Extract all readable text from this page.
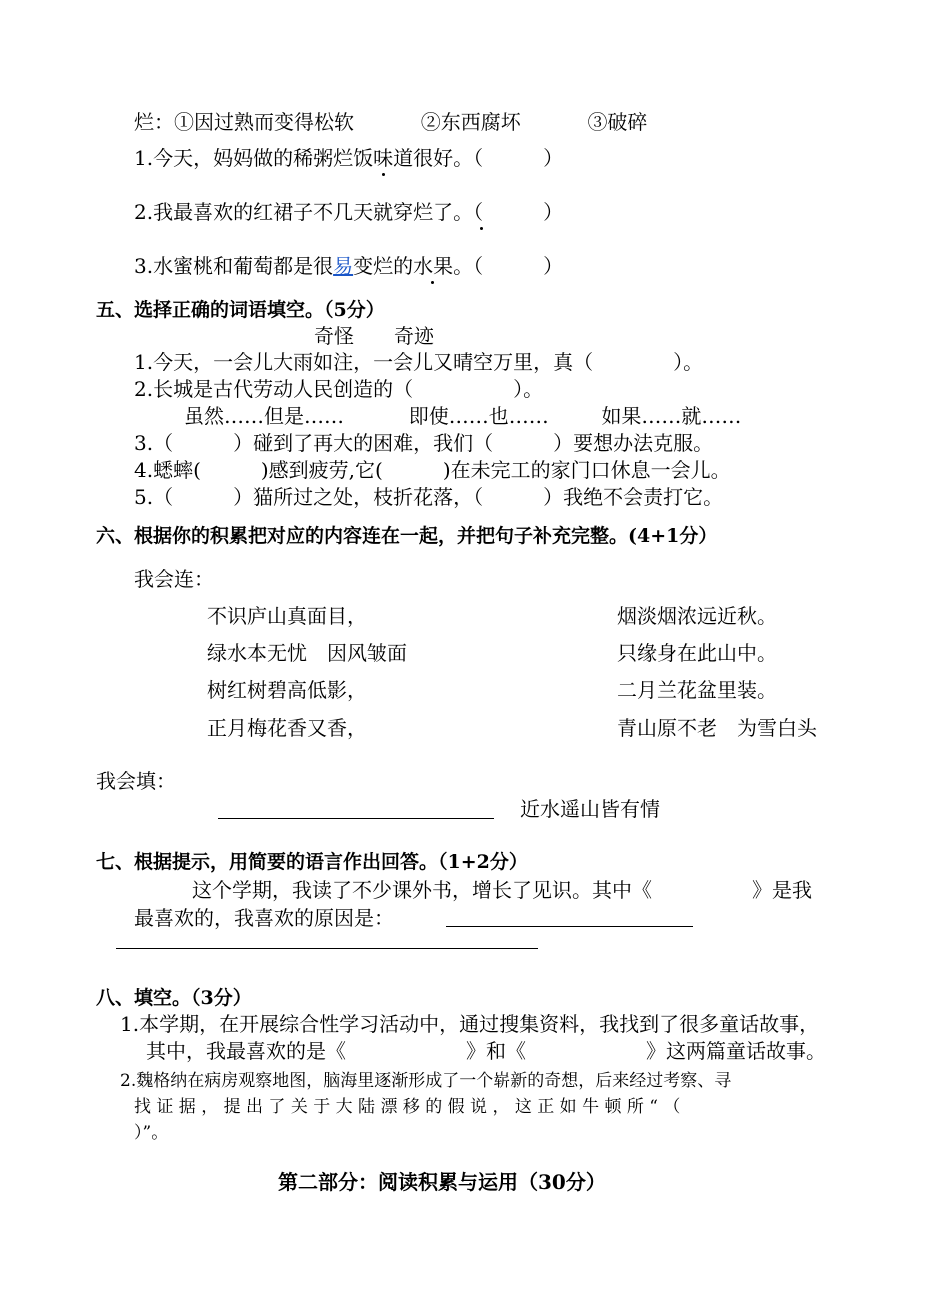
烂：①因过熟而变得松软	②东西腐坏	③破碎
1.今天，妈妈做的稀粥烂饭味道很好。（　　　）
2.我最喜欢的红裙子不几天就穿烂了。（　　　）
3.水蜜桃和葡萄都是很易变烂的水果。（　　　）
五、选择正确的词语填空。（5分）
奇怪　　奇迹
1.今天，一会儿大雨如注，一会儿又晴空万里，真（　　　　）。
2.长城是古代劳动人民创造的（　　　　　）。
虽然……但是……	即使……也……	如果……就……
3.（　　　）碰到了再大的困难，我们（　　　）要想办法克服。
4.蟋蟀(　　　)感到疲劳,它(　　　)在未完工的家门口休息一会儿。
5.（　　　）猫所过之处，枝折花落，（　　　）我绝不会责打它。
六、根据你的积累把对应的内容连在一起，并把句子补充完整。(4+1分）
我会连：
不识庐山真面目，
绿水本无忧　因风皱面
树红树碧高低影，
正月梅花香又香，
烟淡烟浓远近秋。
只缘身在此山中。
二月兰花盆里装。
青山原不老　为雪白头
我会填：
近水遥山皆有情
七、根据提示，用简要的语言作出回答。（1+2分）
这个学期，我读了不少课外书，增长了见识。其中《　　　　　》是我
最喜欢的，我喜欢的原因是：
八、填空。（3分）
1.本学期，在开展综合性学习活动中，通过搜集资料，我找到了很多童话故事，
其中，我最喜欢的是《　　　　　　》和《　　　　　　》这两篇童话故事。
2.魏格纳在病房观察地图，脑海里逐渐形成了一个崭新的奇想，后来经过考察、寻
找 证 据 ， 提 出 了 关 于 大 陆 漂 移 的 假 说 ， 这 正 如 牛 顿 所 “ （
）”。
第二部分：阅读积累与运用（30分）
